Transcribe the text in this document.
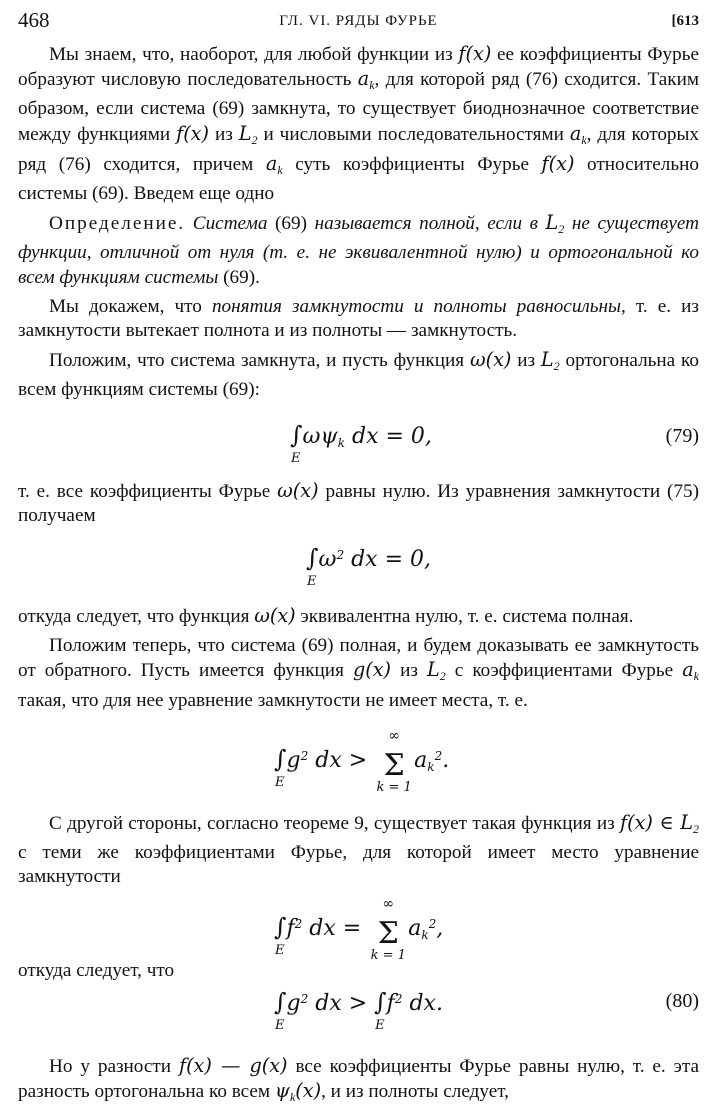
468	ГЛ. VI. РЯДЫ ФУРЬЕ	[613

Мы знаем, что, наоборот, для любой функции из f(x) ее коэффициенты Фурье образуют числовую последовательность $a_k$, для которой ряд (76) сходится. Таким образом, если система (69) замкнута, то существует биоднозначное соответствие между функциями f(x) из $L_2$ и числовыми последовательностями $a_k$, для которых ряд (76) сходится, причем $a_k$ суть коэффициенты Фурье f(x) относительно системы (69). Введем еще одно

Определение. Система (69) называется полной, если в $L_2$ не существует функции, отличной от нуля (т. е. не эквивалентной нулю) и ортогональной ко всем функциям системы (69).

Мы докажем, что понятия замкнутости и полноты равносильны, т. е. из замкнутости вытекает полнота и из полноты — замкнутость.

Положим, что система замкнута, и пусть функция ω(x) из $L_2$ ортогональна ко всем функциям системы (69):

∫
E
$\omega\psi_k$ dx = 0,	(79)

т. е. все коэффициенты Фурье ω(x) равны нулю. Из уравнения замкнутости (75) получаем

∫
E
$\omega^2$ dx = 0,

откуда следует, что функция ω(x) эквивалентна нулю, т. е. система полная.

Положим теперь, что система (69) полная, и будем доказывать ее замкнутость от обратного. Пусть имеется функция g(x) из $L_2$ с коэффициентами Фурье $a_k$ такая, что для нее уравнение замкнутости не имеет места, т. е.

∫
E
$g^2$ dx >
∞
Σ
k = 1
$a_k^2$.

С другой стороны, согласно теореме 9, существует такая функция из f(x) ∈ $L_2$ с теми же коэффициентами Фурье, для которой имеет место уравнение замкнутости

∫
E
$f^2$ dx =
∞
Σ
k = 1
$a_k^2$,

откуда следует, что

∫
E
$g^2$ dx > ∫
E
$f^2$ dx.	(80)

Но у разности f(x) — g(x) все коэффициенты Фурье равны нулю, т. е. эта разность ортогональна ко всем $\psi_k(x)$, и из полноты следует,
